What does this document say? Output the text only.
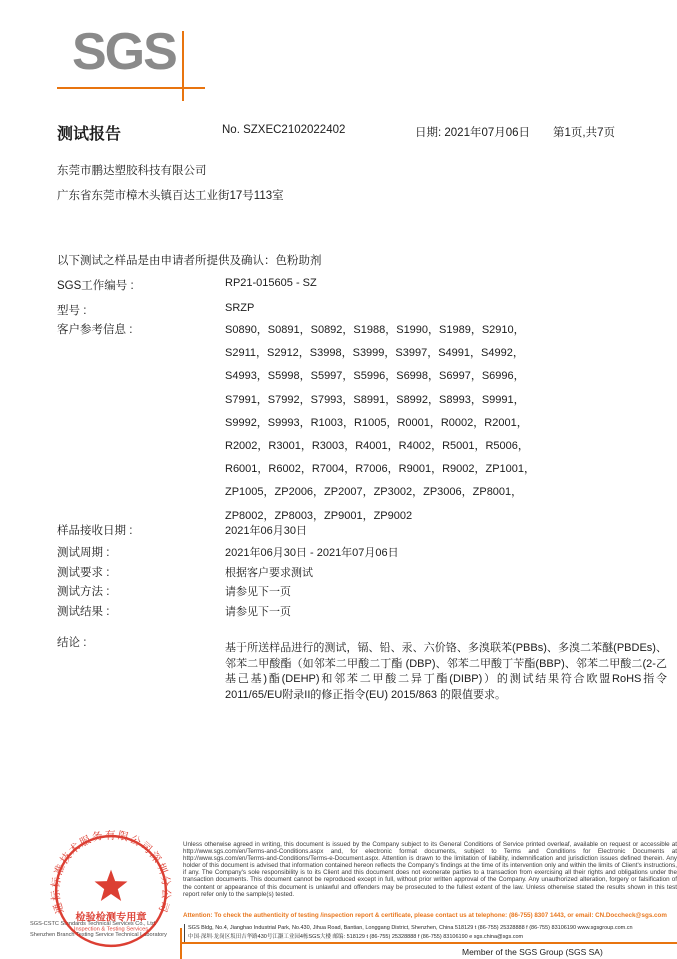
SGS
测试报告	No. SZXEC2102022402	日期: 2021年07月06日 第1页,共7页
东莞市鹏达塑胶科技有限公司
广东省东莞市樟木头镇百达工业街17号113室
以下测试之样品是由申请者所提供及确认：色粉助剂
SGS工作编号 :	RP21-015605 - SZ
型号 :	SRZP
客户参考信息 :	S0890，S0891，S0892，S1988，S1990，S1989，S2910，
S2911，S2912，S3998，S3999，S3997，S4991，S4992，
S4993，S5998，S5997，S5996，S6998，S6997，S6996，
S7991，S7992，S7993，S8991，S8992，S8993，S9991，
S9992，S9993，R1003，R1005，R0001，R0002，R2001，
R2002，R3001，R3003，R4001，R4002，R5001，R5006，
R6001，R6002，R7004，R7006，R9001，R9002，ZP1001，
ZP1005，ZP2006，ZP2007，ZP3002，ZP3006，ZP8001，
ZP8002，ZP8003，ZP9001，ZP9002
样品接收日期 :	2021年06月30日
测试周期 :	2021年06月30日 - 2021年07月06日
测试要求 :	根据客户要求测试
测试方法 :	请参见下一页
测试结果 :	请参见下一页
结论 :	基于所送样品进行的测试，镉、铅、汞、六价铬、多溴联苯(PBBs)、多溴二苯醚(PBDEs)、邻苯二甲酸酯（如邻苯二甲酸二丁酯 (DBP)、邻苯二甲酸丁苄酯(BBP)、邻苯二甲酸二(2-乙基己基)酯(DEHP)和邻苯二甲酸二异丁酯(DIBP)）的测试结果符合欧盟RoHS指令2011/65/EU附录II的修正指令(EU) 2015/863 的限值要求。

通标标准技术服务有限公司深圳分公司
检验检测专用章
Inspection & Testing Services
SGS-CSTC Standards Technical Services Co., Ltd.
Shenzhen Branch Testing Service Technical Laboratory

Unless otherwise agreed in writing, this document is issued by the Company subject to its General Conditions of Service printed overleaf, available on request or accessible at http://www.sgs.com/en/Terms-and-Conditions.aspx and, for electronic format documents, subject to Terms and Conditions for Electronic Documents at http://www.sgs.com/en/Terms-and-Conditions/Terms-e-Document.aspx. Attention is drawn to the limitation of liability, indemnification and jurisdiction issues defined therein. Any holder of this document is advised that information contained hereon reflects the Company's findings at the time of its intervention only and within the limits of Client's instructions, if any. The Company's sole responsibility is to its Client and this document does not exonerate parties to a transaction from exercising all their rights and obligations under the transaction documents. This document cannot be reproduced except in full, without prior written approval of the Company. Any unauthorized alteration, forgery or falsification of the content or appearance of this document is unlawful and offenders may be prosecuted to the fullest extent of the law. Unless otherwise stated the results shown in this test report refer only to the sample(s) tested.

Attention: To check the authenticity of testing /inspection report & certificate, please contact us at telephone: (86-755) 8307 1443, or email: CN.Doccheck@sgs.com

SGS Bldg, No.4, Jianghao Industrial Park, No.430, Jihua Road, Bantian, Longgang District, Shenzhen, China 518129 t (86-755) 25328888 f (86-755) 83106190 www.sgsgroup.com.cn
中国·深圳·龙岗区坂田吉华路430号江灏工业园4栋SGS大楼 邮编: 518129 t (86-755) 25328888 f (86-755) 83106190 e sgs.china@sgs.com
Member of the SGS Group (SGS SA)
